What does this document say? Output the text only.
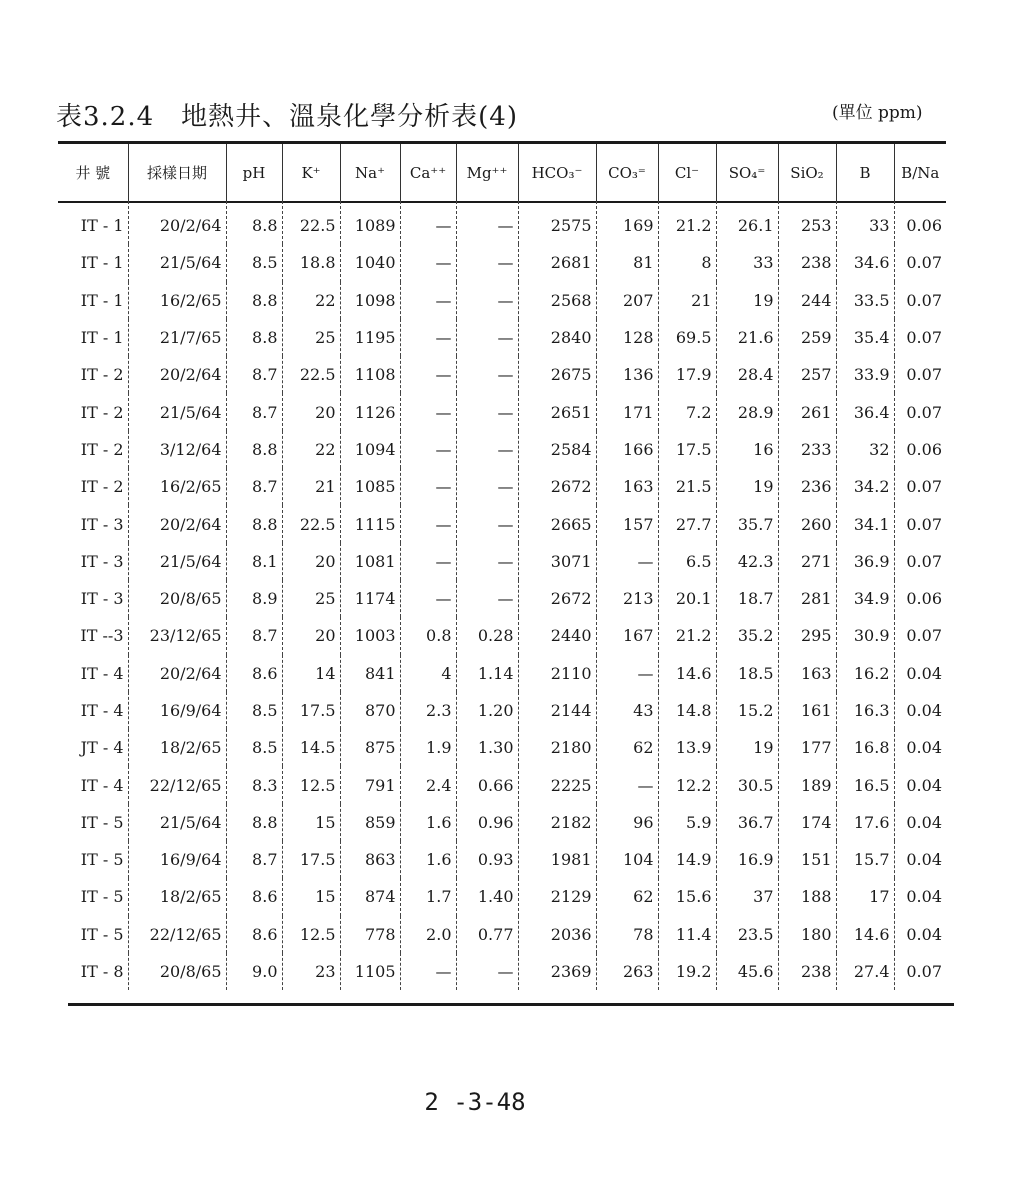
表3.2.4　地熱井、溫泉化學分析表(4)	(單位 ppm)
井 號	採樣日期	pH	K⁺	Na⁺	Ca⁺⁺	Mg⁺⁺	HCO₃⁻	CO₃⁼	Cl⁻	SO₄⁼	SiO₂	B	B/Na
IT - 1	20/2/64	8.8	22.5	1089	—	—	2575	169	21.2	26.1	253	33	0.06
IT - 1	21/5/64	8.5	18.8	1040	—	—	2681	81	8	33	238	34.6	0.07
IT - 1	16/2/65	8.8	22	1098	—	—	2568	207	21	19	244	33.5	0.07
IT - 1	21/7/65	8.8	25	1195	—	—	2840	128	69.5	21.6	259	35.4	0.07
IT - 2	20/2/64	8.7	22.5	1108	—	—	2675	136	17.9	28.4	257	33.9	0.07
IT - 2	21/5/64	8.7	20	1126	—	—	2651	171	7.2	28.9	261	36.4	0.07
IT - 2	3/12/64	8.8	22	1094	—	—	2584	166	17.5	16	233	32	0.06
IT - 2	16/2/65	8.7	21	1085	—	—	2672	163	21.5	19	236	34.2	0.07
IT - 3	20/2/64	8.8	22.5	1115	—	—	2665	157	27.7	35.7	260	34.1	0.07
IT - 3	21/5/64	8.1	20	1081	—	—	3071	—	6.5	42.3	271	36.9	0.07
IT - 3	20/8/65	8.9	25	1174	—	—	2672	213	20.1	18.7	281	34.9	0.06
IT --3	23/12/65	8.7	20	1003	0.8	0.28	2440	167	21.2	35.2	295	30.9	0.07
IT - 4	20/2/64	8.6	14	841	4	1.14	2110	—	14.6	18.5	163	16.2	0.04
IT - 4	16/9/64	8.5	17.5	870	2.3	1.20	2144	43	14.8	15.2	161	16.3	0.04
JT - 4	18/2/65	8.5	14.5	875	1.9	1.30	2180	62	13.9	19	177	16.8	0.04
IT - 4	22/12/65	8.3	12.5	791	2.4	0.66	2225	—	12.2	30.5	189	16.5	0.04
IT - 5	21/5/64	8.8	15	859	1.6	0.96	2182	96	5.9	36.7	174	17.6	0.04
IT - 5	16/9/64	8.7	17.5	863	1.6	0.93	1981	104	14.9	16.9	151	15.7	0.04
IT - 5	18/2/65	8.6	15	874	1.7	1.40	2129	62	15.6	37	188	17	0.04
IT - 5	22/12/65	8.6	12.5	778	2.0	0.77	2036	78	11.4	23.5	180	14.6	0.04
IT - 8	20/8/65	9.0	23	1105	—	—	2369	263	19.2	45.6	238	27.4	0.07
2 -3-48
